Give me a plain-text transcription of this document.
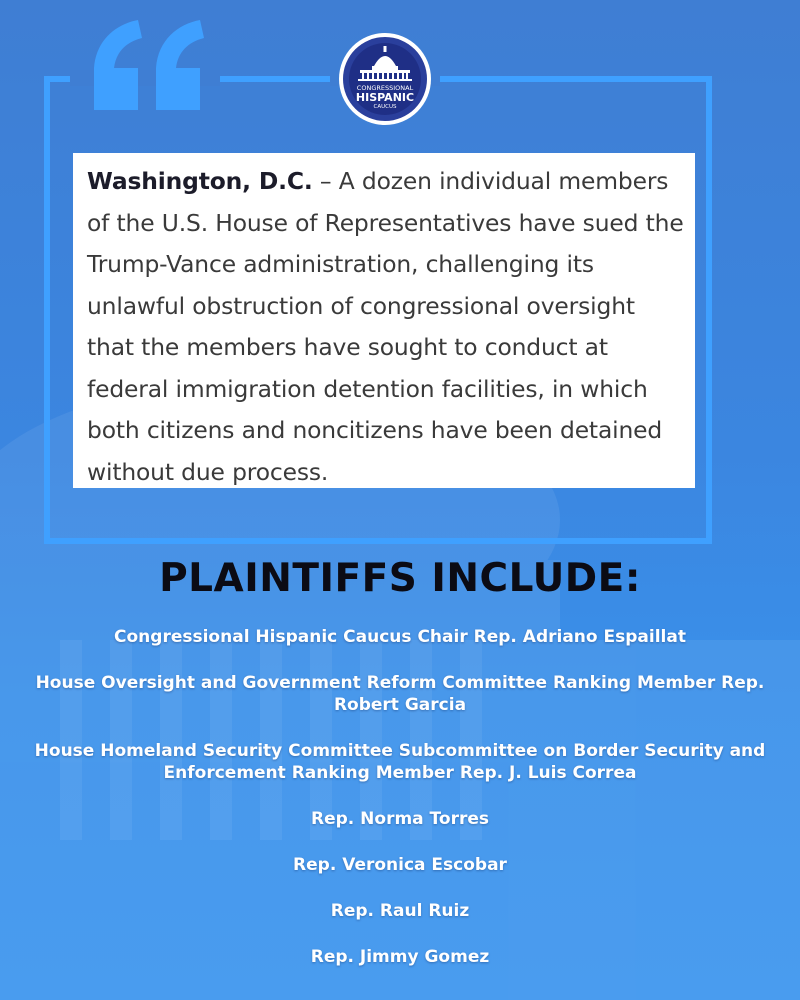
CONGRESSIONAL
HISPANIC
CAUCUS
Washington, D.C. – A dozen individual members of the U.S. House of Representatives have sued the Trump-Vance administration, challenging its unlawful obstruction of congressional oversight that the members have sought to conduct at federal immigration detention facilities, in which both citizens and noncitizens have been detained without due process.
PLAINTIFFS INCLUDE:
Congressional Hispanic Caucus Chair Rep. Adriano Espaillat
House Oversight and Government Reform Committee Ranking Member Rep. Robert Garcia
House Homeland Security Committee Subcommittee on Border Security and Enforcement Ranking Member Rep. J. Luis Correa
Rep. Norma Torres
Rep. Veronica Escobar
Rep. Raul Ruiz
Rep. Jimmy Gomez
